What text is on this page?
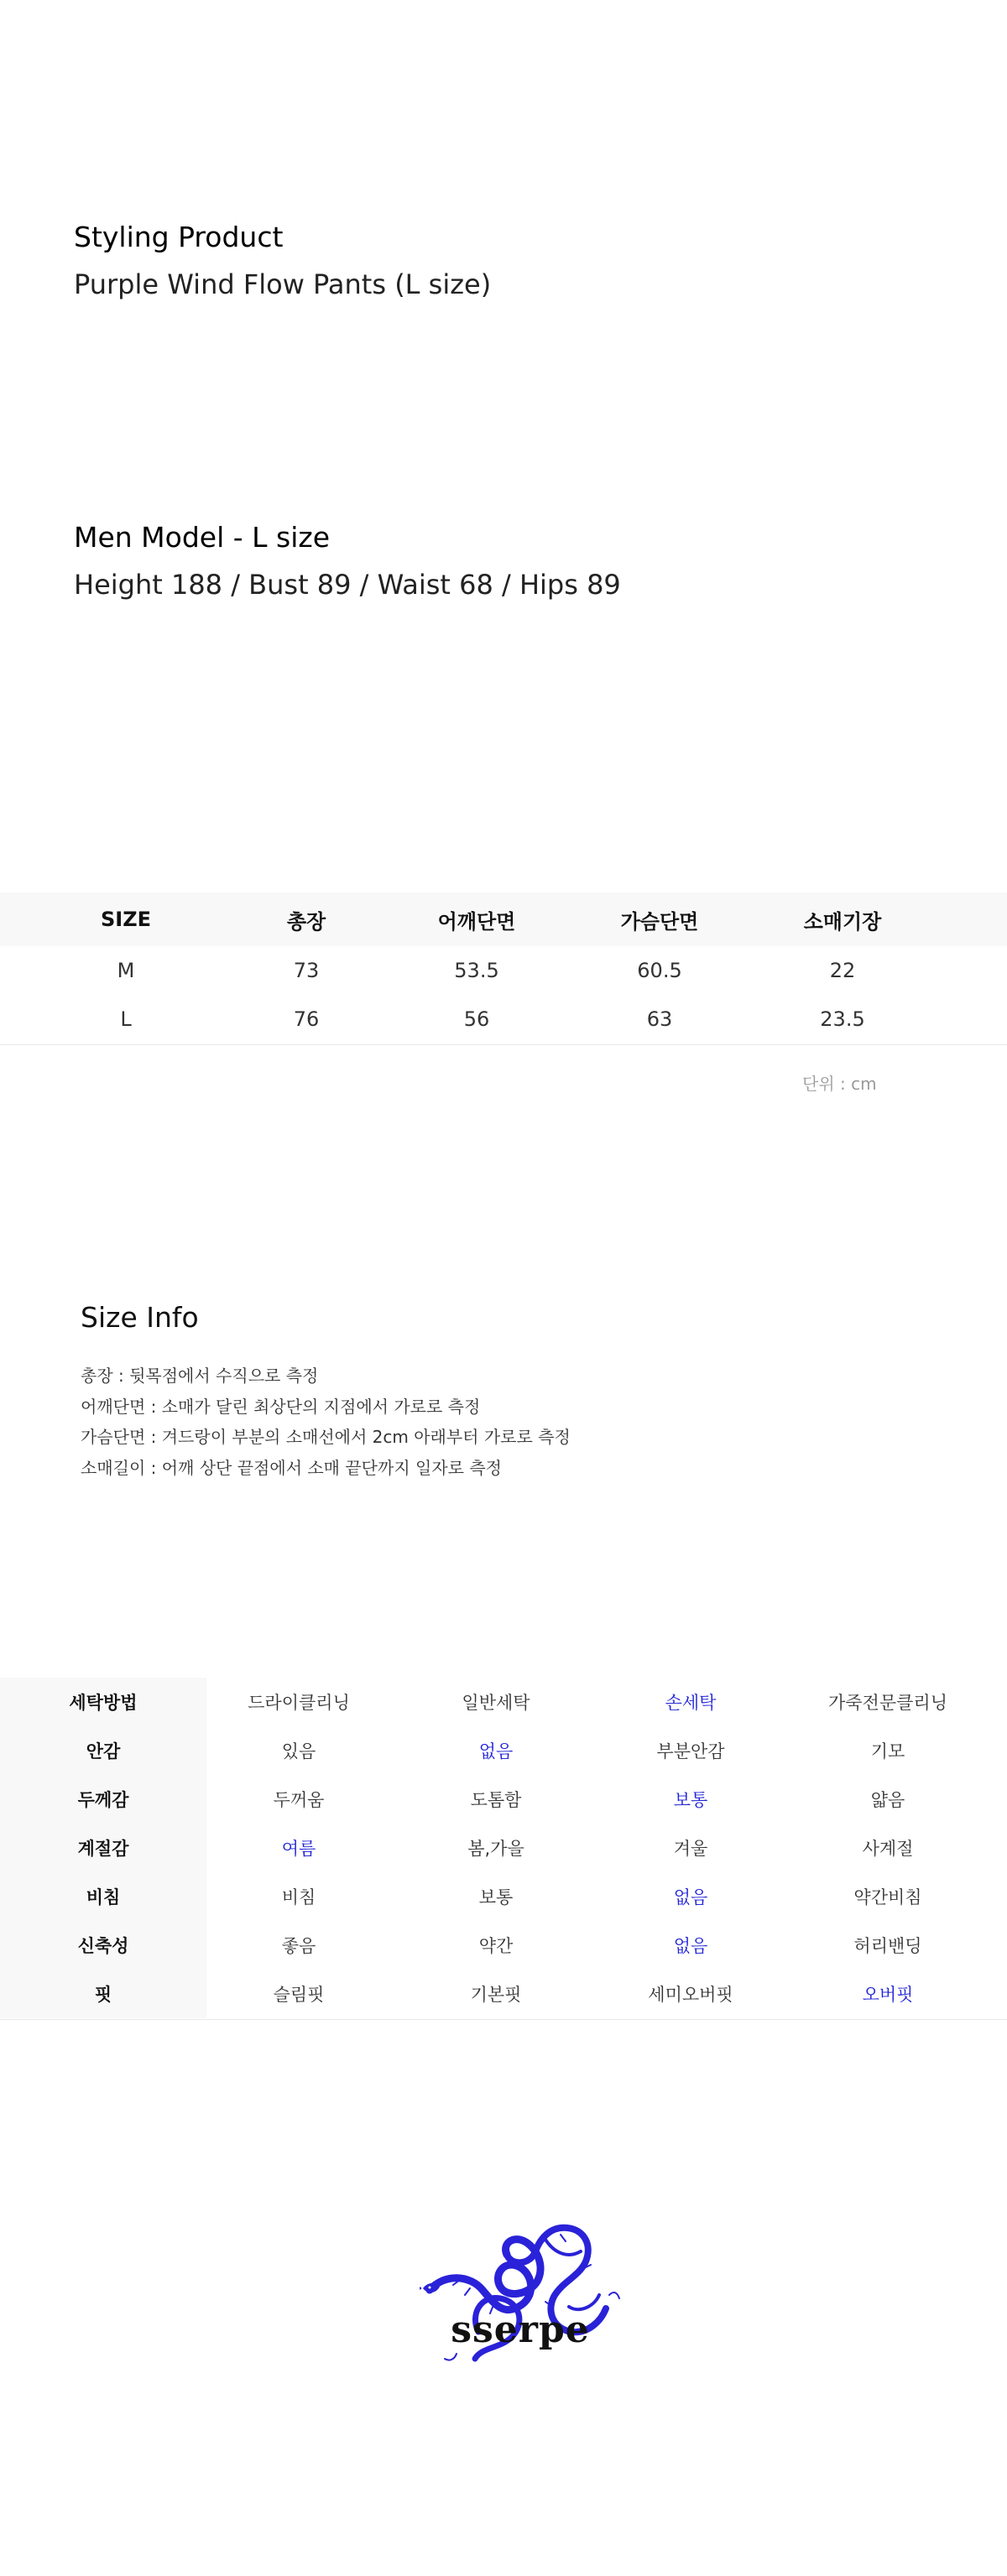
Styling Product
Purple Wind Flow Pants (L size)
Men Model - L size
Height 188 / Bust 89 / Waist 68 / Hips 89
SIZE	총장	어깨단면	가슴단면	소매기장
M	73	53.5	60.5	22
L	76	56	63	23.5
단위 : cm
Size Info
총장 : 뒷목점에서 수직으로 측정
어깨단면 : 소매가 달린 최상단의 지점에서 가로로 측정
가슴단면 : 겨드랑이 부분의 소매선에서 2cm 아래부터 가로로 측정
소매길이 : 어깨 상단 끝점에서 소매 끝단까지 일자로 측정
세탁방법	드라이클리닝	일반세탁	손세탁	가죽전문클리닝
안감	있음	없음	부분안감	기모
두께감	두꺼움	도톰함	보통	얇음
계절감	여름	봄,가을	겨울	사계절
비침	비침	보통	없음	약간비침
신축성	좋음	약간	없음	허리밴딩
핏	슬림핏	기본핏	세미오버핏	오버핏
sserpe
